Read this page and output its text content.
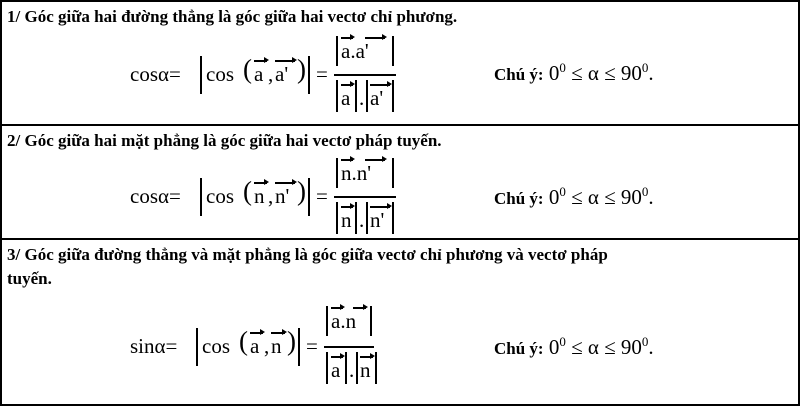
1/ Góc giữa hai đường thẳng là góc giữa hai vectơ chỉ phương.
cosα= cos ( a , a' ) =
a.a'
a . a'
Chú ý: $0^0 \le \alpha \le 90^0$.
2/ Góc giữa hai mặt phẳng là góc giữa hai vectơ pháp tuyến.
cosα= cos ( n , n' ) =
n.n'
n . n'
Chú ý: $0^0 \le \alpha \le 90^0$.
3/ Góc giữa đường thẳng và mặt phẳng là góc giữa vectơ chỉ phương và vectơ pháp
tuyến.
sinα= cos ( a , n ) =
a.n
a . n
Chú ý: $0^0 \le \alpha \le 90^0$.
